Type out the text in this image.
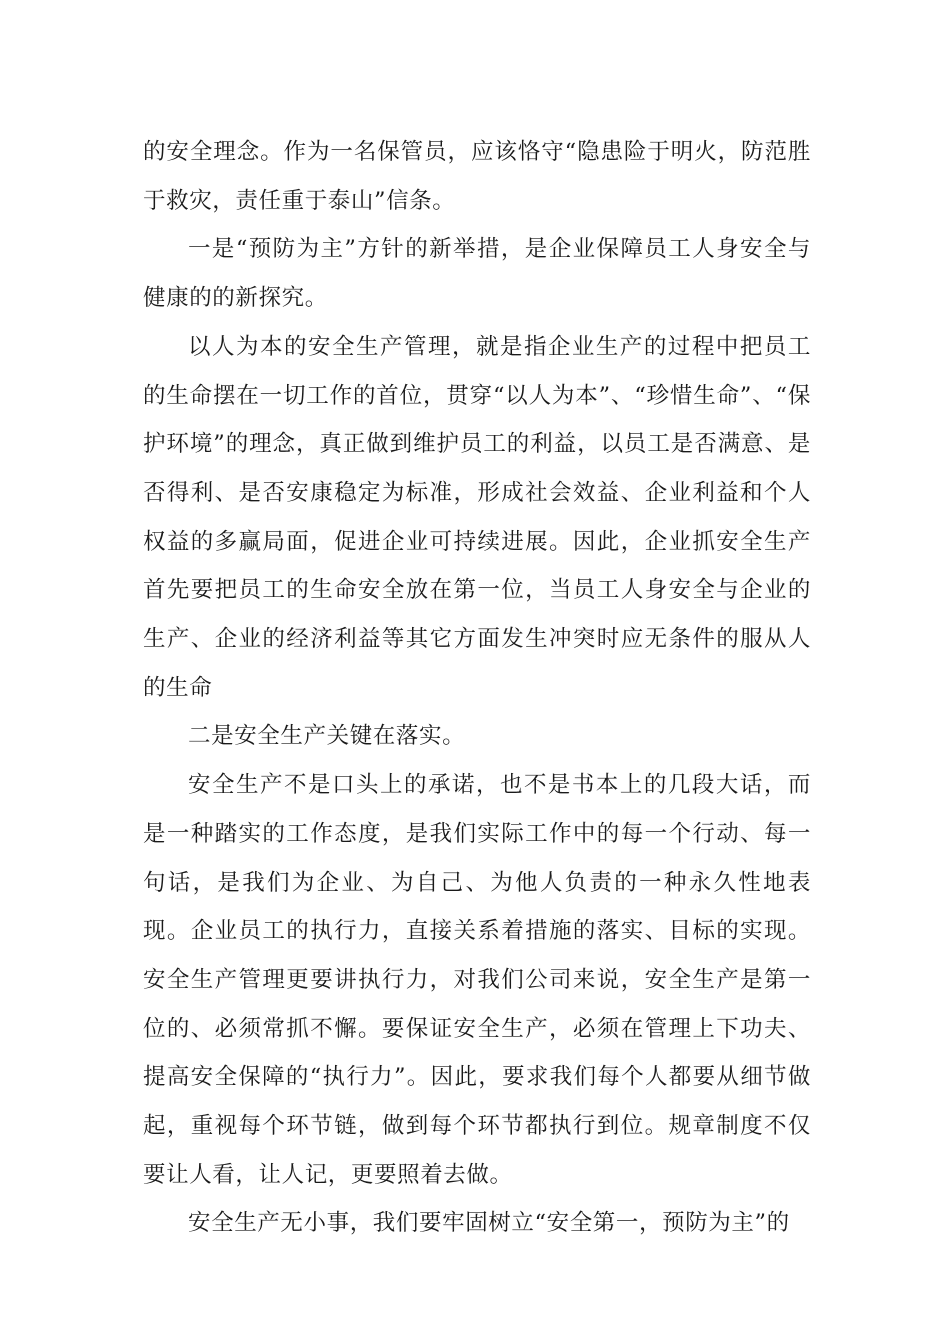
的安全理念。作为一名保管员，应该恪守“隐患险于明火，防范胜于救灾，责任重于泰山”信条。

一是“预防为主”方针的新举措，是企业保障员工人身安全与健康的的新探究。

以人为本的安全生产管理，就是指企业生产的过程中把员工的生命摆在一切工作的首位，贯穿“以人为本”、“珍惜生命”、“保护环境”的理念，真正做到维护员工的利益，以员工是否满意、是否得利、是否安康稳定为标准，形成社会效益、企业利益和个人权益的多赢局面，促进企业可持续进展。因此，企业抓安全生产首先要把员工的生命安全放在第一位，当员工人身安全与企业的生产、企业的经济利益等其它方面发生冲突时应无条件的服从人的生命

二是安全生产关键在落实。

安全生产不是口头上的承诺，也不是书本上的几段大话，而是一种踏实的工作态度，是我们实际工作中的每一个行动、每一句话，是我们为企业、为自己、为他人负责的一种永久性地表现。企业员工的执行力，直接关系着措施的落实、目标的实现。安全生产管理更要讲执行力，对我们公司来说，安全生产是第一位的、必须常抓不懈。要保证安全生产，必须在管理上下功夫、提高安全保障的“执行力”。因此，要求我们每个人都要从细节做起，重视每个环节链，做到每个环节都执行到位。规章制度不仅要让人看，让人记，更要照着去做。

安全生产无小事，我们要牢固树立“安全第一，预防为主”的
